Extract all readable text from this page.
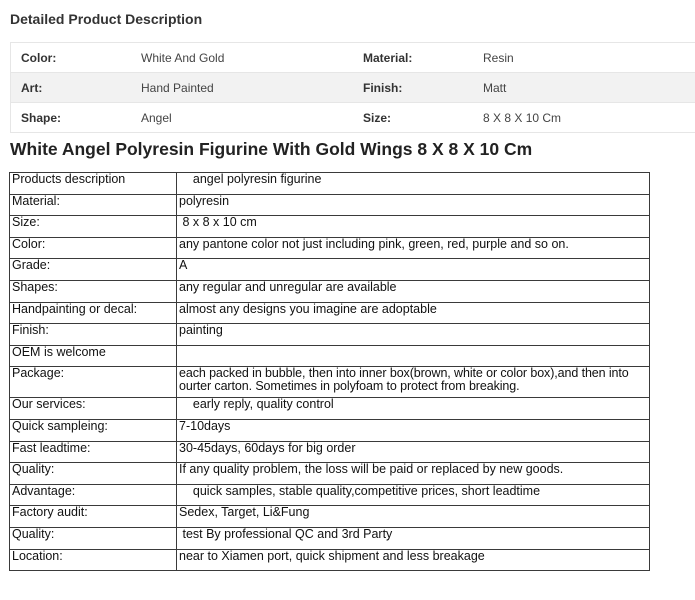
Detailed Product Description
Color:	White And Gold	Material:	Resin
Art:	Hand Painted	Finish:	Matt
Shape:	Angel	Size:	8 X 8 X 10 Cm
White Angel Polyresin Figurine With Gold Wings 8 X 8 X 10 Cm
Products description	angel polyresin figurine
Material:	polyresin
Size:	8 x 8 x 10 cm
Color:	any pantone color not just including pink, green, red, purple and so on.
Grade:	A
Shapes:	any regular and unregular are available
Handpainting or decal:	almost any designs you imagine are adoptable
Finish:	painting
OEM is welcome	
Package:	each packed in bubble, then into inner box(brown, white or color box),and then into ourter carton. Sometimes in polyfoam to protect from breaking.
Our services:	early reply, quality control
Quick sampleing:	7-10days
Fast leadtime:	30-45days, 60days for big order
Quality:	If any quality problem, the loss will be paid or replaced by new goods.
Advantage:	quick samples, stable quality,competitive prices, short leadtime
Factory audit:	Sedex, Target, Li&Fung
Quality:	test By professional QC and 3rd Party
Location:	near to Xiamen port, quick shipment and less breakage
